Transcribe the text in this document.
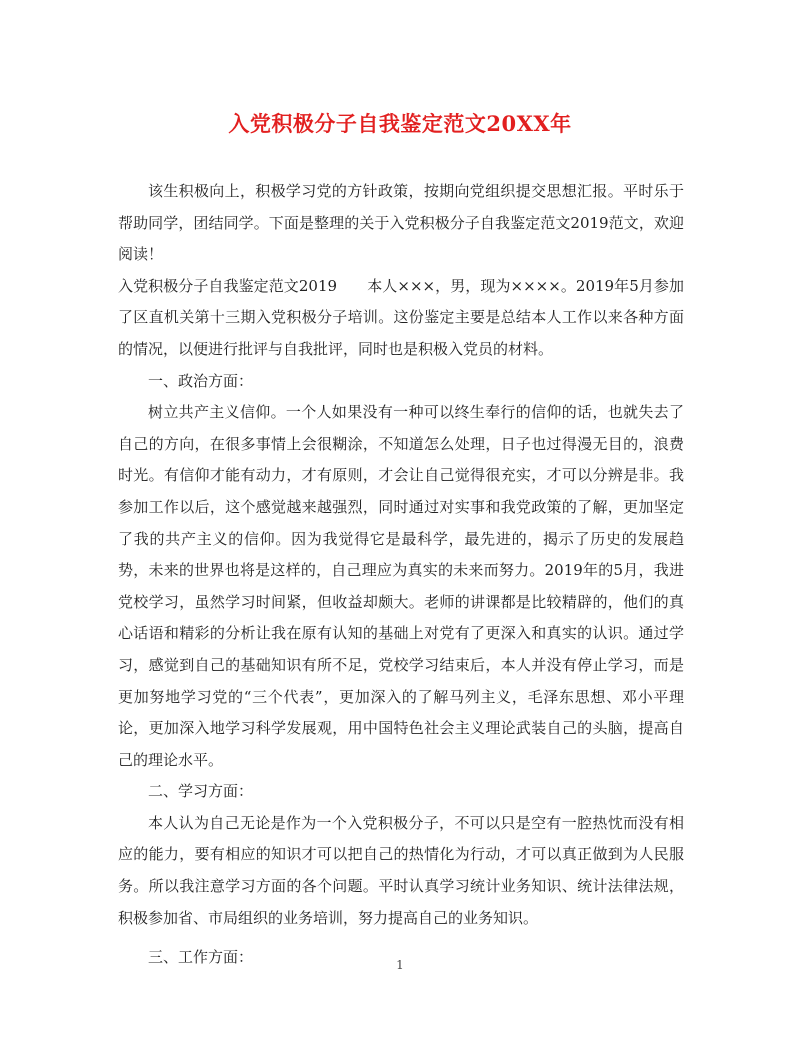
入党积极分子自我鉴定范文20XX年

该生积极向上，积极学习党的方针政策，按期向党组织提交思想汇报。平时乐于帮助同学，团结同学。下面是整理的关于入党积极分子自我鉴定范文2019范文，欢迎阅读！

入党积极分子自我鉴定范文2019　　本人×××，男，现为××××。2019年5月参加了区直机关第十三期入党积极分子培训。这份鉴定主要是总结本人工作以来各种方面的情况，以便进行批评与自我批评，同时也是积极入党员的材料。

一、政治方面：

树立共产主义信仰。一个人如果没有一种可以终生奉行的信仰的话，也就失去了自己的方向，在很多事情上会很糊涂，不知道怎么处理，日子也过得漫无目的，浪费时光。有信仰才能有动力，才有原则，才会让自己觉得很充实，才可以分辨是非。我参加工作以后，这个感觉越来越强烈，同时通过对实事和我党政策的了解，更加坚定了我的共产主义的信仰。因为我觉得它是最科学，最先进的，揭示了历史的发展趋势，未来的世界也将是这样的，自己理应为真实的未来而努力。2019年的5月，我进党校学习，虽然学习时间紧，但收益却颇大。老师的讲课都是比较精辟的，他们的真心话语和精彩的分析让我在原有认知的基础上对党有了更深入和真实的认识。通过学习，感觉到自己的基础知识有所不足，党校学习结束后，本人并没有停止学习，而是更加努地学习党的“三个代表”，更加深入的了解马列主义，毛泽东思想、邓小平理论，更加深入地学习科学发展观，用中国特色社会主义理论武装自己的头脑，提高自己的理论水平。

二、学习方面：

本人认为自己无论是作为一个入党积极分子，不可以只是空有一腔热忱而没有相应的能力，要有相应的知识才可以把自己的热情化为行动，才可以真正做到为人民服务。所以我注意学习方面的各个问题。平时认真学习统计业务知识、统计法律法规，积极参加省、市局组织的业务培训，努力提高自己的业务知识。

三、工作方面：	1
